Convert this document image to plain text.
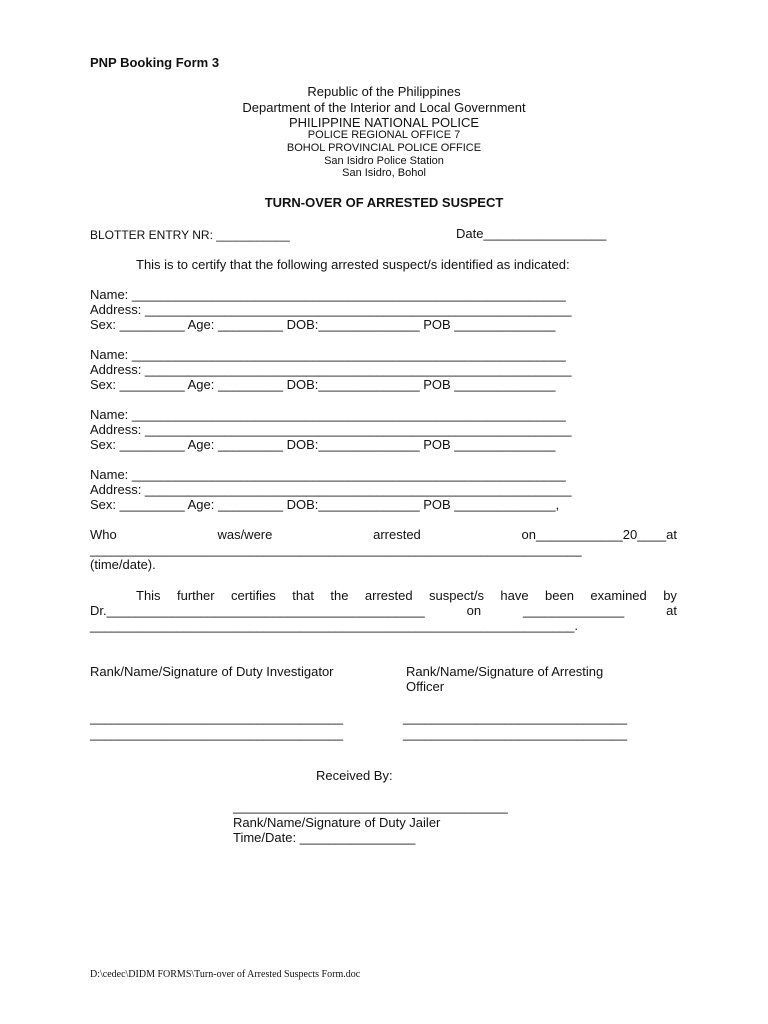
PNP Booking Form 3
Republic of the Philippines
Department of the Interior and Local Government
PHILIPPINE NATIONAL POLICE
POLICE REGIONAL OFFICE 7
BOHOL PROVINCIAL POLICE OFFICE
San Isidro Police Station
San Isidro, Bohol
TURN-OVER OF ARRESTED SUSPECT
BLOTTER ENTRY NR: ___________	Date_________________
This is to certify that the following arrested suspect/s identified as indicated:
Name: ____________________________________________________________
Address: ___________________________________________________________
Sex: _________ Age: _________ DOB:______________ POB ______________
Name: ____________________________________________________________
Address: ___________________________________________________________
Sex: _________ Age: _________ DOB:______________ POB ______________
Name: ____________________________________________________________
Address: ___________________________________________________________
Sex: _________ Age: _________ DOB:______________ POB ______________
Name: ____________________________________________________________
Address: ___________________________________________________________
Sex: _________ Age: _________ DOB:______________ POB ______________,
Who	was/were	arrested	on____________20____at
____________________________________________________________________
(time/date).
This further certifies that the arrested suspect/s have been examined by
Dr.____________________________________________	on	______________	at
___________________________________________________________________.
Rank/Name/Signature of Duty Investigator	Rank/Name/Signature of Arresting
Officer
___________________________________	_______________________________
___________________________________	_______________________________
Received By:
______________________________________
Rank/Name/Signature of Duty Jailer
Time/Date: ________________
D:\cedec\DIDM FORMS\Turn-over of Arrested Suspects Form.doc
